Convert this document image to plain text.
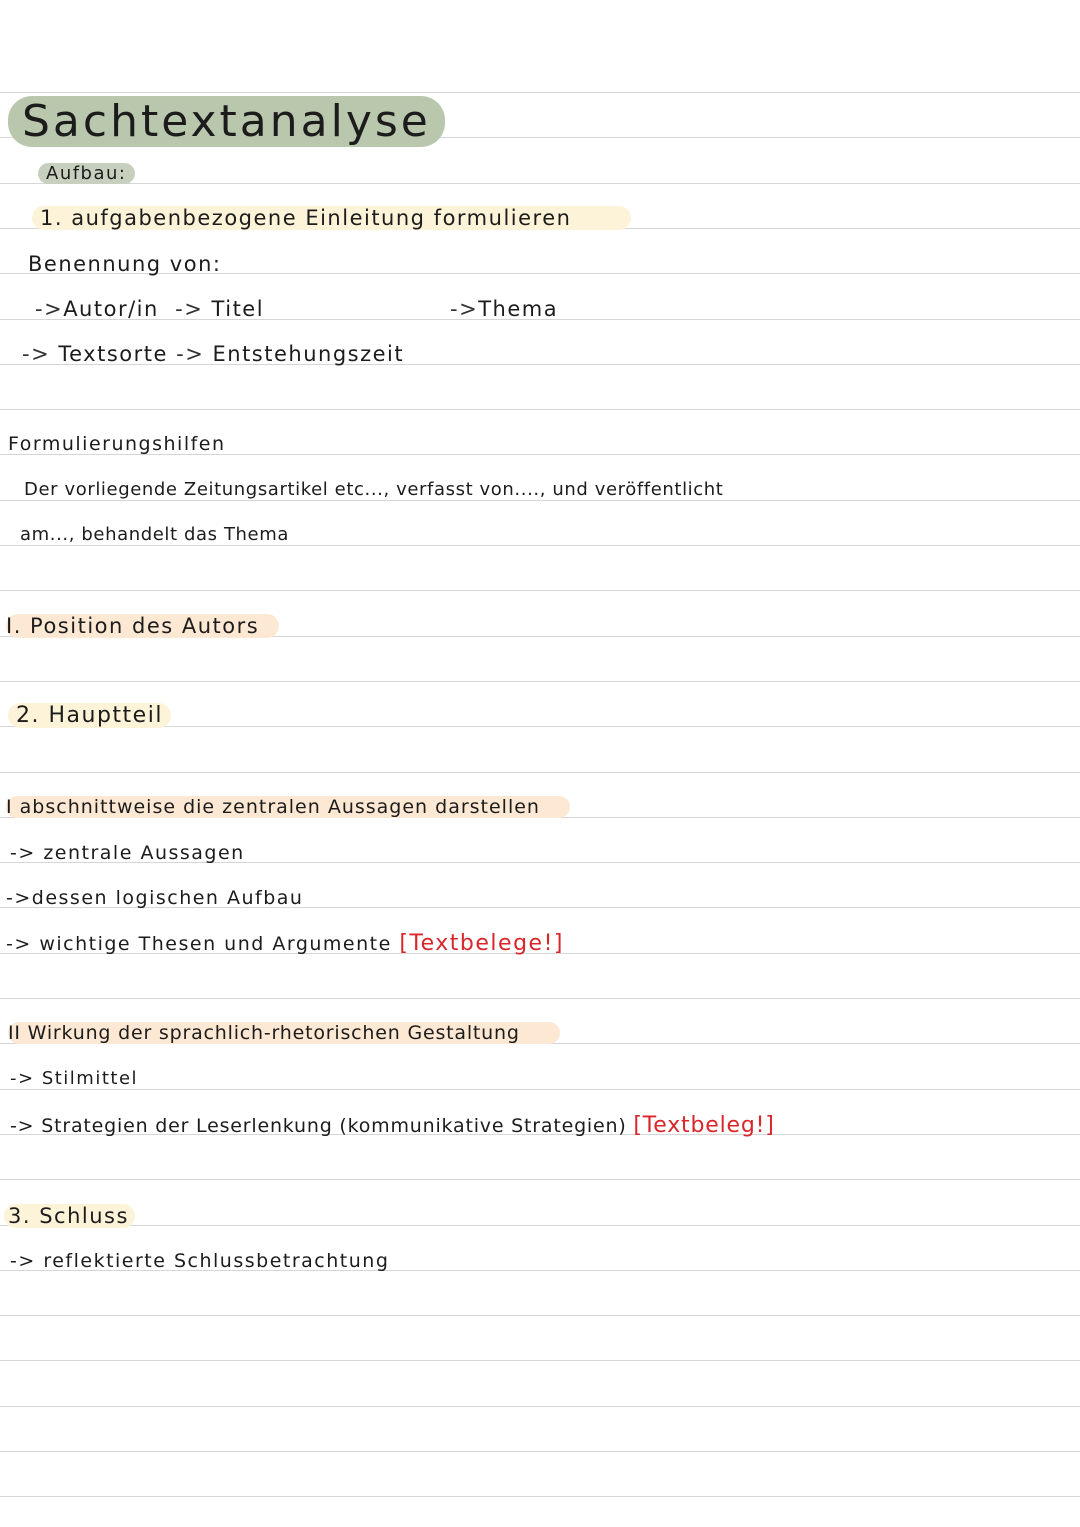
Sachtextanalyse
Aufbau:
1. aufgabenbezogene Einleitung formulieren
Benennung von:
->Autor/in -> Titel	->Thema
-> Textsorte -> Entstehungszeit
Formulierungshilfen
Der vorliegende Zeitungsartikel etc..., verfasst von...., und veröffentlicht
am..., behandelt das Thema
I. Position des Autors
2. Hauptteil
I abschnittweise die zentralen Aussagen darstellen
-> zentrale Aussagen
->dessen logischen Aufbau
-> wichtige Thesen und Argumente [Textbelege!]
II Wirkung der sprachlich-rhetorischen Gestaltung
-> Stilmittel
-> Strategien der Leserlenkung (kommunikative Strategien) [Textbeleg!]
3. Schluss
-> reflektierte Schlussbetrachtung
